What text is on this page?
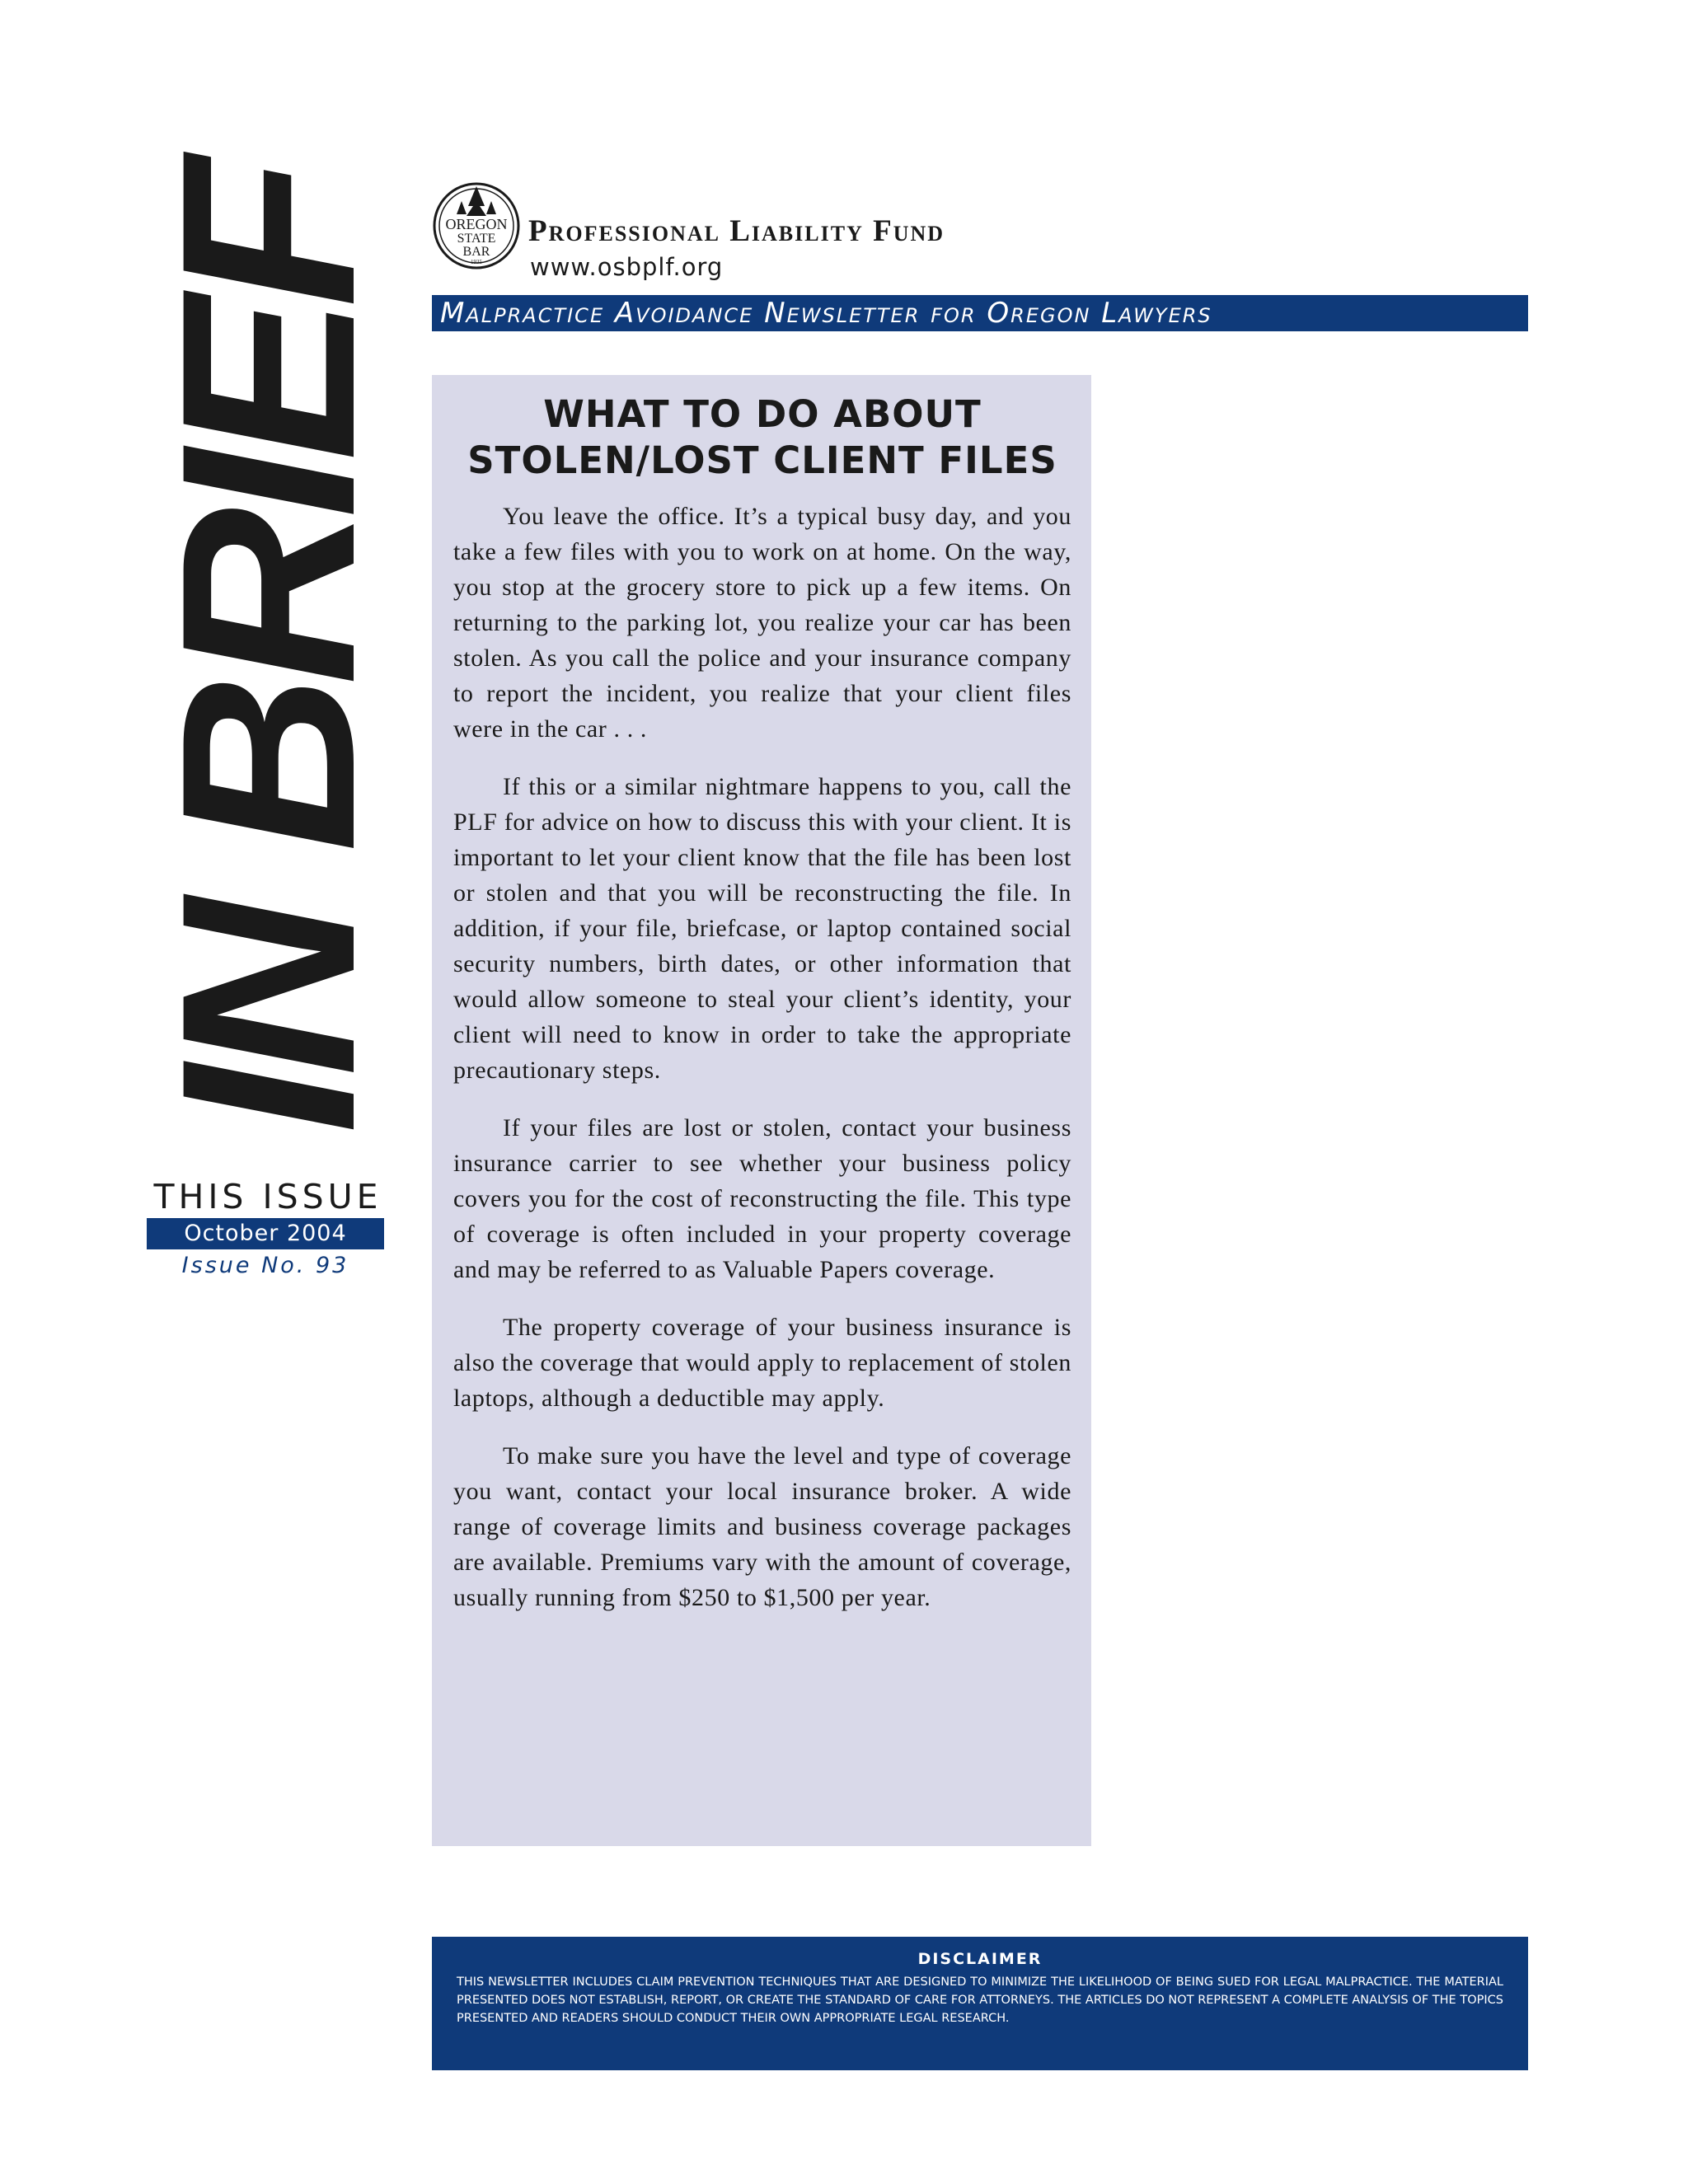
IN BRIEF
THIS ISSUE
October 2004
Issue No. 93
OREGON
STATE
BAR
1935
Professional Liability Fund
www.osbplf.org
Malpractice Avoidance Newsletter for Oregon Lawyers
WHAT TO DO ABOUT
STOLEN/LOST CLIENT FILES

You leave the office. It’s a typical busy day, and you take a few files with you to work on at home. On the way, you stop at the grocery store to pick up a few items. On returning to the parking lot, you realize your car has been stolen. As you call the police and your insurance company to report the incident, you realize that your client files were in the car . . .

If this or a similar nightmare happens to you, call the PLF for advice on how to discuss this with your client. It is important to let your client know that the file has been lost or stolen and that you will be reconstructing the file. In addition, if your file, briefcase, or laptop contained social security numbers, birth dates, or other information that would allow someone to steal your client’s identity, your client will need to know in order to take the appropriate precautionary steps.

If your files are lost or stolen, contact your business insurance carrier to see whether your business policy covers you for the cost of reconstructing the file. This type of coverage is often included in your property coverage and may be referred to as Valuable Papers coverage.

The property coverage of your business insurance is also the coverage that would apply to replacement of stolen laptops, although a deductible may apply.

To make sure you have the level and type of coverage you want, contact your local insurance broker. A wide range of coverage limits and business coverage packages are available. Premiums vary with the amount of coverage, usually running from $250 to $1,500 per year.

DISCLAIMER
THIS NEWSLETTER INCLUDES CLAIM PREVENTION TECHNIQUES THAT ARE DESIGNED TO MINIMIZE THE LIKELIHOOD OF BEING SUED FOR LEGAL MALPRACTICE. THE MATERIAL PRESENTED DOES NOT ESTABLISH, REPORT, OR CREATE THE STANDARD OF CARE FOR ATTORNEYS. THE ARTICLES DO NOT REPRESENT A COMPLETE ANALYSIS OF THE TOPICS PRESENTED AND READERS SHOULD CONDUCT THEIR OWN APPROPRIATE LEGAL RESEARCH.
